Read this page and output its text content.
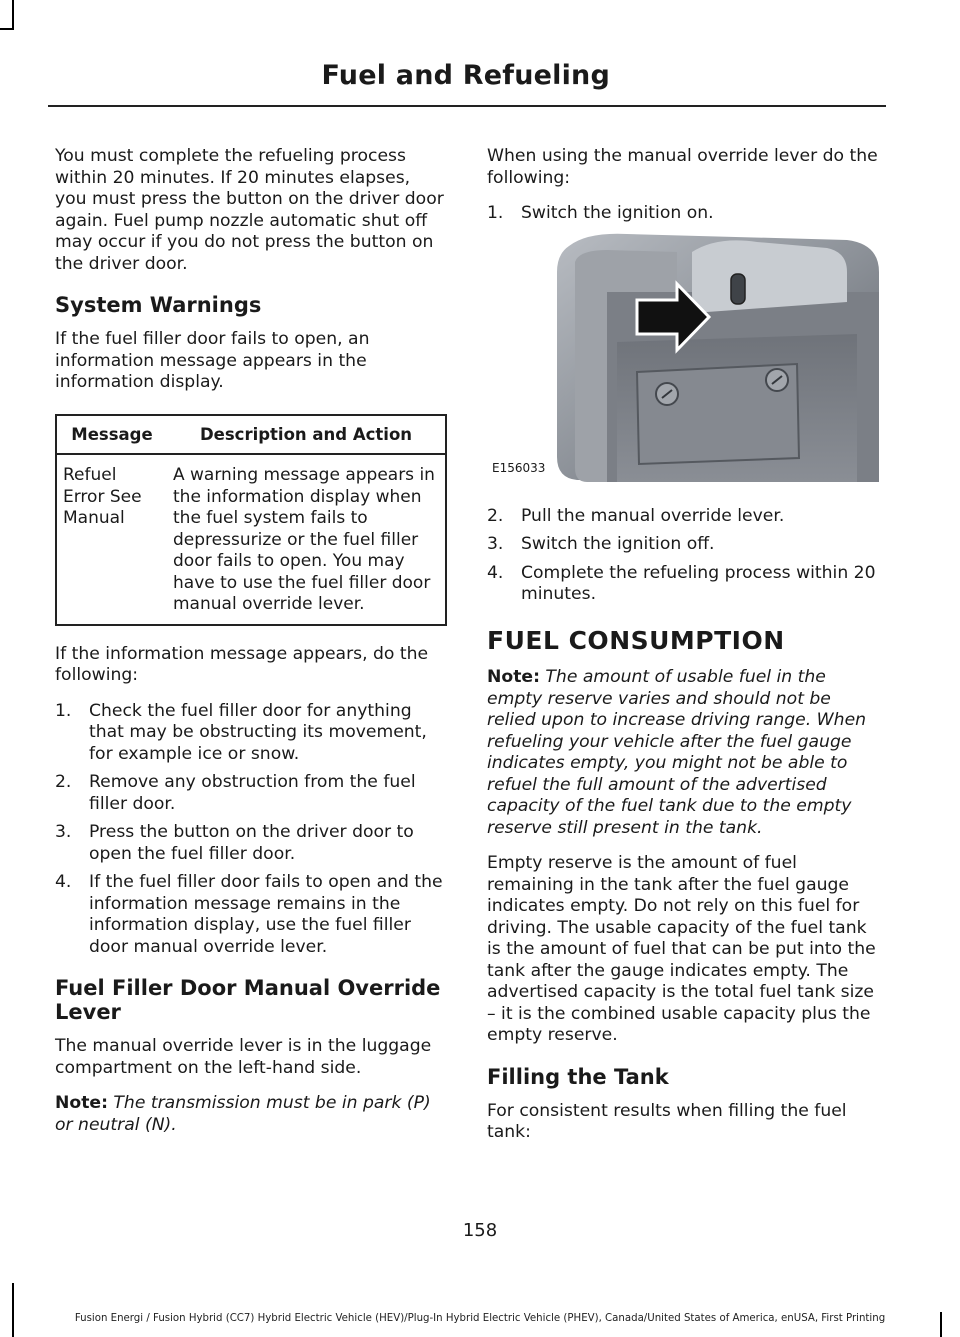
Fuel and Refueling

You must complete the refueling process within 20 minutes. If 20 minutes elapses, you must press the button on the driver door again. Fuel pump nozzle automatic shut off may occur if you do not press the button on the driver door.

System Warnings

If the fuel filler door fails to open, an information message appears in the information display.

Message	Description and Action
Refuel Error See Manual	A warning message appears in the information display when the fuel system fails to depressurize or the fuel filler door fails to open. You may have to use the fuel filler door manual override lever.

If the information message appears, do the following:

1. Check the fuel filler door for anything that may be obstructing its movement, for example ice or snow.
2. Remove any obstruction from the fuel filler door.
3. Press the button on the driver door to open the fuel filler door.
4. If the fuel filler door fails to open and the information message remains in the information display, use the fuel filler door manual override lever.
Fuel Filler Door Manual Override Lever

The manual override lever is in the luggage compartment on the left-hand side.

Note: The transmission must be in park (P) or neutral (N).

When using the manual override lever do the following:

1. Switch the ignition on.
E156033
2. Pull the manual override lever.
3. Switch the ignition off.
4. Complete the refueling process within 20 minutes.
FUEL CONSUMPTION

Note: The amount of usable fuel in the empty reserve varies and should not be relied upon to increase driving range. When refueling your vehicle after the fuel gauge indicates empty, you might not be able to refuel the full amount of the advertised capacity of the fuel tank due to the empty reserve still present in the tank.

Empty reserve is the amount of fuel remaining in the tank after the fuel gauge indicates empty. Do not rely on this fuel for driving. The usable capacity of the fuel tank is the amount of fuel that can be put into the tank after the gauge indicates empty. The advertised capacity is the total fuel tank size – it is the combined usable capacity plus the empty reserve.

Filling the Tank

For consistent results when filling the fuel tank:

158
Fusion Energi / Fusion Hybrid (CC7) Hybrid Electric Vehicle (HEV)/Plug-In Hybrid Electric Vehicle (PHEV), Canada/United States of America, enUSA, First Printing
